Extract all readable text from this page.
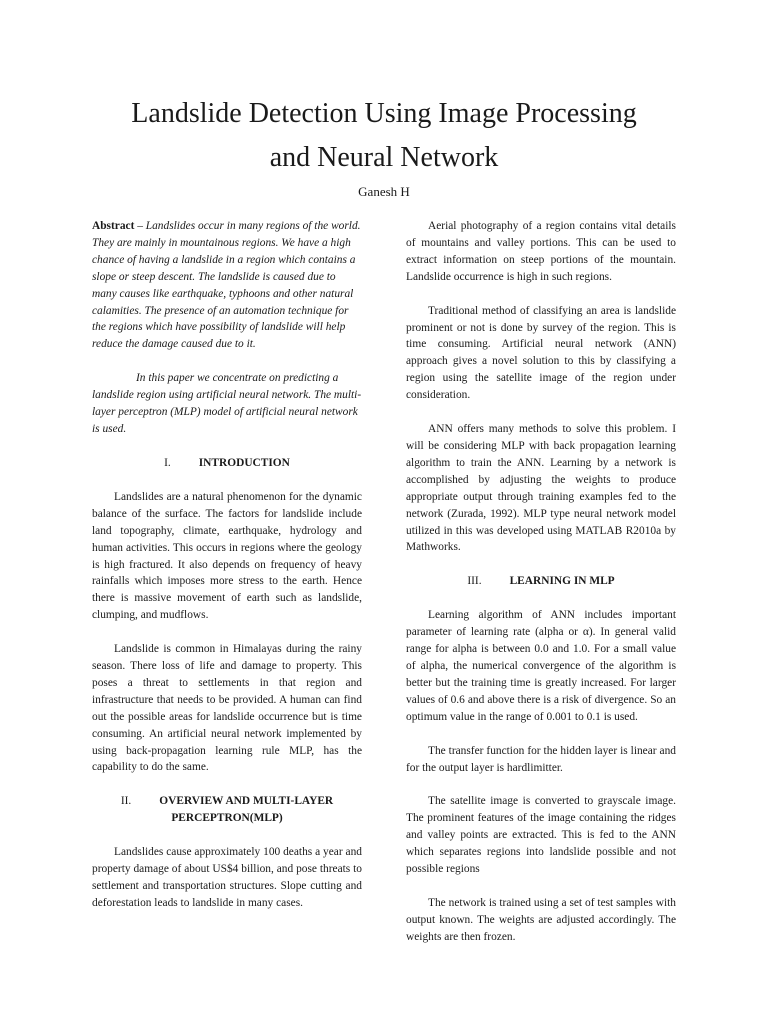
Landslide Detection Using Image Processing
and Neural Network

Ganesh H

Abstract – Landslides occur in many regions of the world. They are mainly in mountainous regions. We have a high chance of having a landslide in a region which contains a slope or steep descent. The landslide is caused due to many causes like earthquake, typhoons and other natural calamities. The presence of an automation technique for the regions which have possibility of landslide will help reduce the damage caused due to it.

In this paper we concentrate on predicting a landslide region using artificial neural network. The multi-layer perceptron (MLP) model of artificial neural network is used.

I. INTRODUCTION

Landslides are a natural phenomenon for the dynamic balance of the surface. The factors for landslide include land topography, climate, earthquake, hydrology and human activities. This occurs in regions where the geology is high fractured. It also depends on frequency of heavy rainfalls which imposes more stress to the earth. Hence there is massive movement of earth such as landslide, clumping, and mudflows.

Landslide is common in Himalayas during the rainy season. There loss of life and damage to property. This poses a threat to settlements in that region and infrastructure that needs to be provided. A human can find out the possible areas for landslide occurrence but is time consuming. An artificial neural network implemented by using back-propagation learning rule MLP, has the capability to do the same.

II. OVERVIEW AND MULTI-LAYER PERCEPTRON(MLP)

Landslides cause approximately 100 deaths a year and property damage of about US$4 billion, and pose threats to settlement and transportation structures. Slope cutting and deforestation leads to landslide in many cases.

Aerial photography of a region contains vital details of mountains and valley portions. This can be used to extract information on steep portions of the mountain. Landslide occurrence is high in such regions.

Traditional method of classifying an area is landslide prominent or not is done by survey of the region. This is time consuming. Artificial neural network (ANN) approach gives a novel solution to this by classifying a region using the satellite image of the region under consideration.

ANN offers many methods to solve this problem. I will be considering MLP with back propagation learning algorithm to train the ANN. Learning by a network is accomplished by adjusting the weights to produce appropriate output through training examples fed to the network (Zurada, 1992). MLP type neural network model utilized in this was developed using MATLAB R2010a by Mathworks.

III. LEARNING IN MLP

Learning algorithm of ANN includes important parameter of learning rate (alpha or α). In general valid range for alpha is between 0.0 and 1.0. For a small value of alpha, the numerical convergence of the algorithm is better but the training time is greatly increased. For larger values of 0.6 and above there is a risk of divergence. So an optimum value in the range of 0.001 to 0.1 is used.

The transfer function for the hidden layer is linear and for the output layer is hardlimitter.

The satellite image is converted to grayscale image. The prominent features of the image containing the ridges and valley points are extracted. This is fed to the ANN which separates regions into landslide possible and not possible regions

The network is trained using a set of test samples with output known. The weights are adjusted accordingly. The weights are then frozen.
